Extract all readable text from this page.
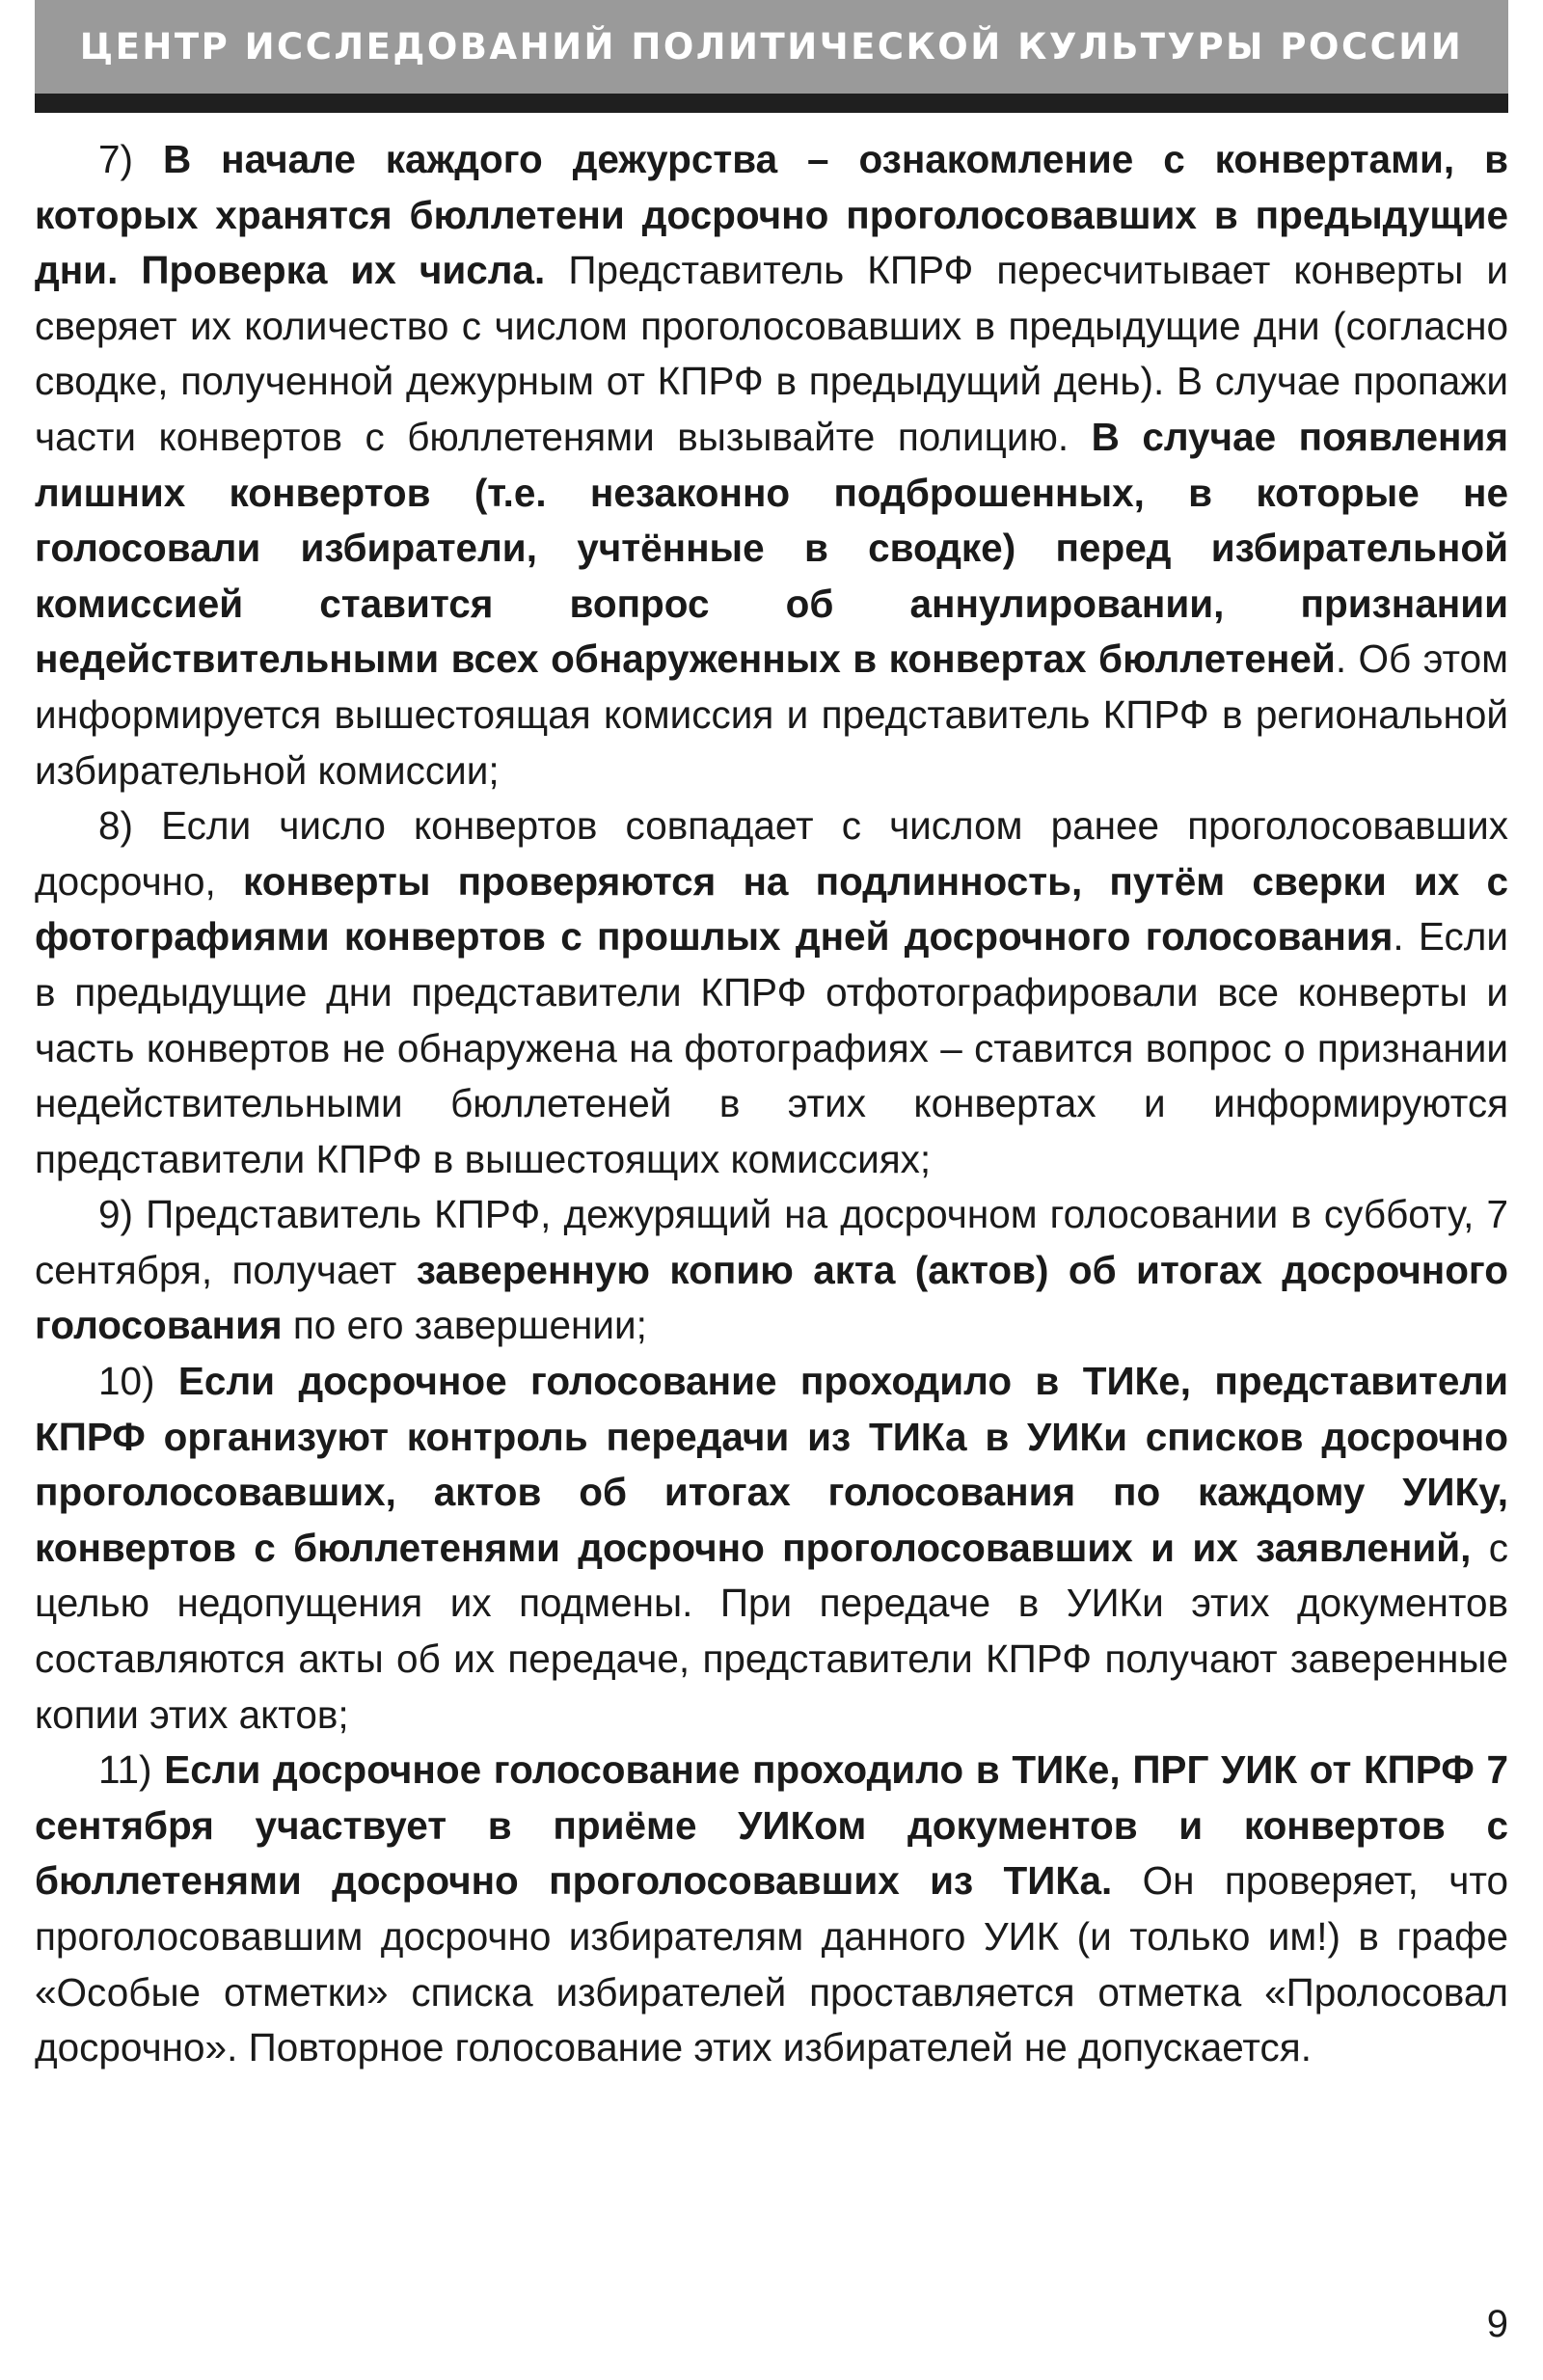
ЦЕНТР ИССЛЕДОВАНИЙ ПОЛИТИЧЕСКОЙ КУЛЬТУРЫ РОССИИ

7) В начале каждого дежурства – ознакомление с конвертами, в которых хранятся бюллетени досрочно проголосовавших в предыдущие дни. Проверка их числа. Представитель КПРФ пересчитывает конверты и сверяет их количество с числом проголосовавших в предыдущие дни (согласно сводке, полученной дежурным от КПРФ в предыдущий день). В случае пропажи части конвертов с бюллетенями вызывайте полицию. В случае появления лишних конвертов (т.е. незаконно подброшенных, в которые не голосовали избиратели, учтённые в сводке) перед избирательной комиссией ставится вопрос об аннулировании, признании недействительными всех обнаруженных в конвертах бюллетеней. Об этом информируется вышестоящая комиссия и представитель КПРФ в региональной избирательной комиссии;

8) Если число конвертов совпадает с числом ранее проголосовавших досрочно, конверты проверяются на подлинность, путём сверки их с фотографиями конвертов с прошлых дней досрочного голосования. Если в предыдущие дни представители КПРФ отфотографировали все конверты и часть конвертов не обнаружена на фотографиях – ставится вопрос о признании недействительными бюллетеней в этих конвертах и информируются представители КПРФ в вышестоящих комиссиях;

9) Представитель КПРФ, дежурящий на досрочном голосовании в субботу, 7 сентября, получает заверенную копию акта (актов) об итогах досрочного голосования по его завершении;

10) Если досрочное голосование проходило в ТИКе, представители КПРФ организуют контроль передачи из ТИКа в УИКи списков досрочно проголосовавших, актов об итогах голосования по каждому УИКу, конвертов с бюллетенями досрочно проголосовавших и их заявлений, с целью недопущения их подмены. При передаче в УИКи этих документов составляются акты об их передаче, представители КПРФ получают заверенные копии этих актов;

11) Если досрочное голосование проходило в ТИКе, ПРГ УИК от КПРФ 7 сентября участвует в приёме УИКом документов и конвертов с бюллетенями досрочно проголосовавших из ТИКа. Он проверяет, что проголосовавшим досрочно избирателям данного УИК (и только им!) в графе «Особые отметки» списка избирателей проставляется отметка «Пролосовал досрочно». Повторное голосование этих избирателей не допускается.

9
